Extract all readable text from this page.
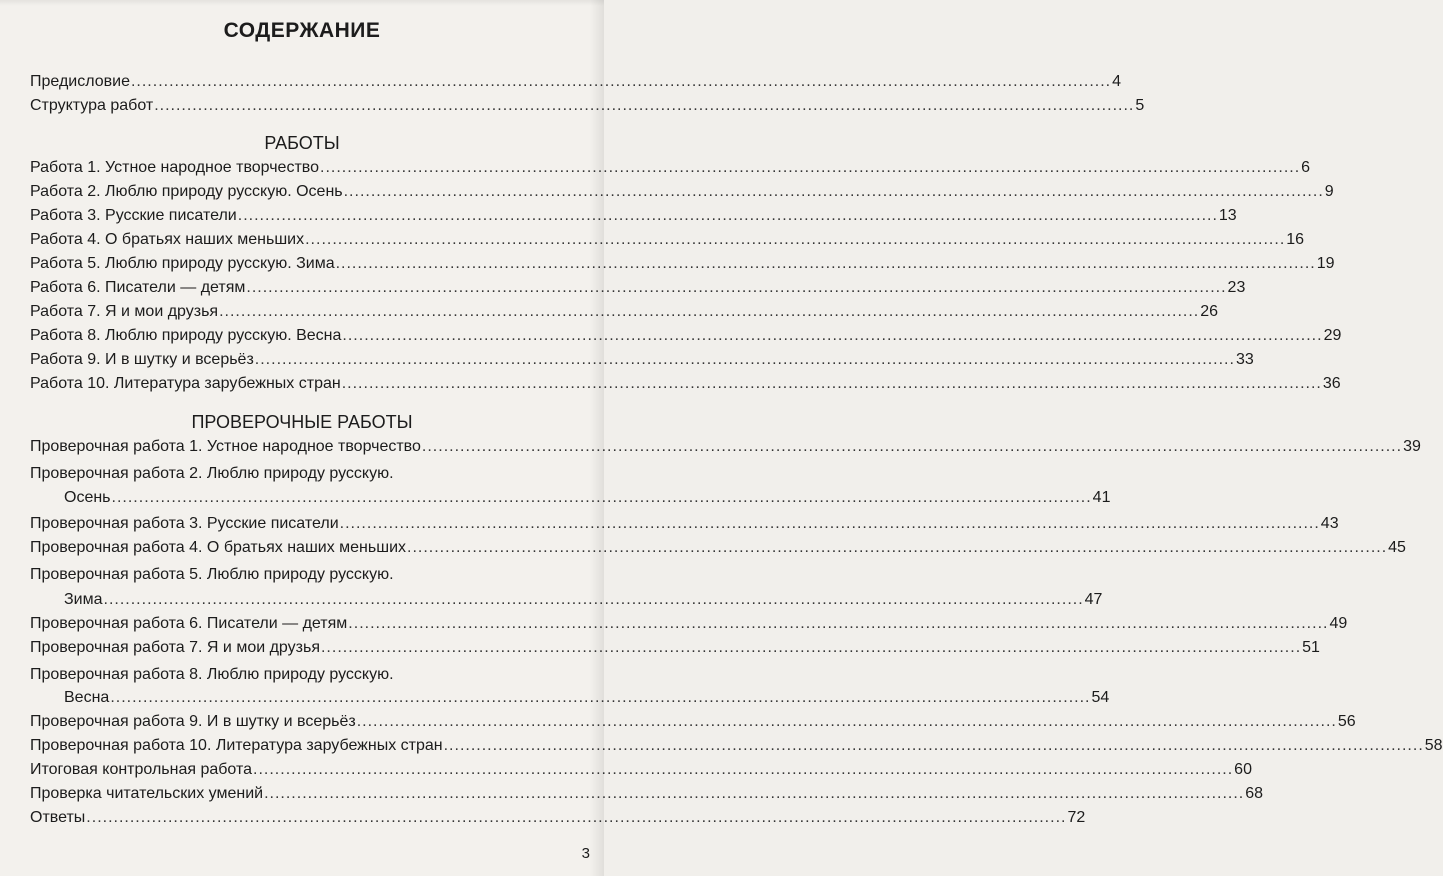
СОДЕРЖАНИЕ
Предисловие .....	4
Структура работ .....	5
РАБОТЫ
Работа 1. Устное народное творчество .....	6
Работа 2. Люблю природу русскую. Осень .....	9
Работа 3. Русские писатели .....	13
Работа 4. О братьях наших меньших .....	16
Работа 5. Люблю природу русскую. Зима .....	19
Работа 6. Писатели — детям .....	23
Работа 7. Я и мои друзья .....	26
Работа 8. Люблю природу русскую. Весна .....	29
Работа 9. И в шутку и всерьёз .....	33
Работа 10. Литература зарубежных стран .....	36
ПРОВЕРОЧНЫЕ РАБОТЫ
Проверочная работа 1. Устное народное творчество .....	39
Проверочная работа 2. Люблю природу русскую.
Осень .....	41
Проверочная работа 3. Русские писатели .....	43
Проверочная работа 4. О братьях наших меньших .....	45
Проверочная работа 5. Люблю природу русскую.
Зима .....	47
Проверочная работа 6. Писатели — детям .....	49
Проверочная работа 7. Я и мои друзья .....	51
Проверочная работа 8. Люблю природу русскую.
Весна .....	54
Проверочная работа 9. И в шутку и всерьёз .....	56
Проверочная работа 10. Литература зарубежных стран .....	58
Итоговая контрольная работа .....	60
Проверка читательских умений .....	68
Ответы .....	72
3
